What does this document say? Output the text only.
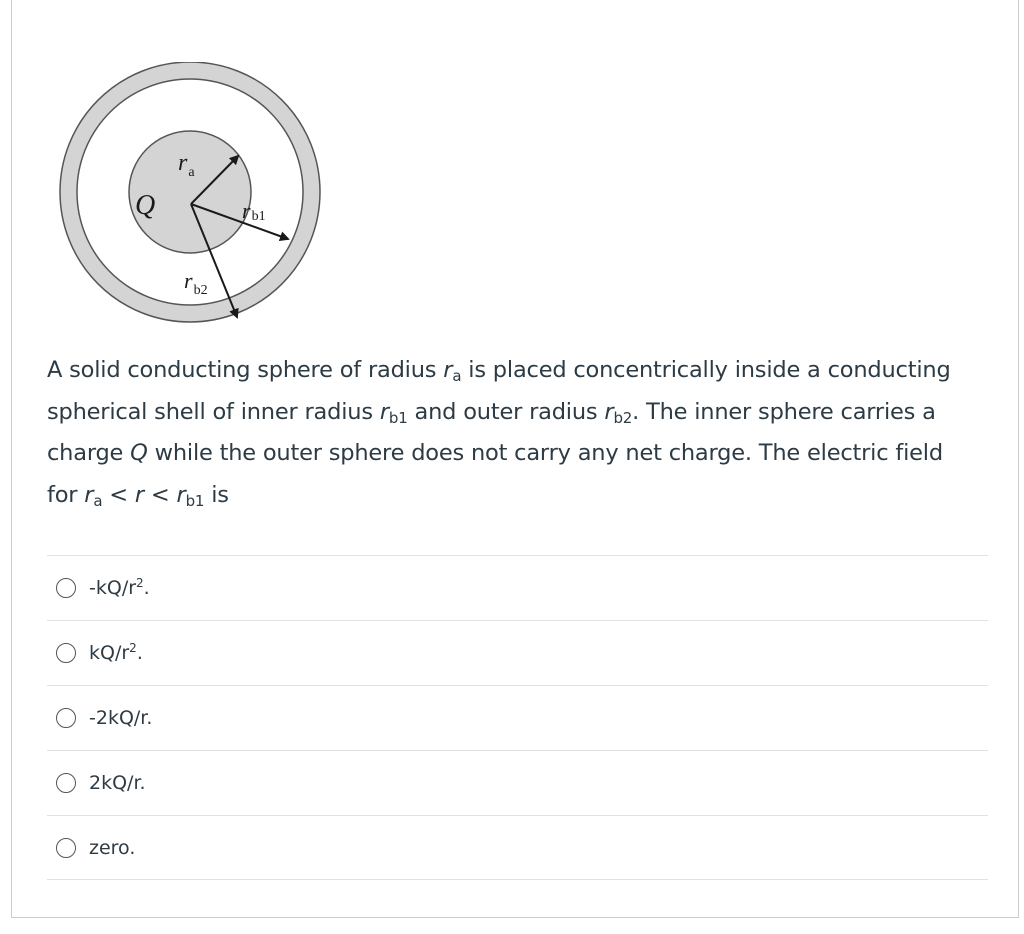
Q
$r_a$
rb1
$r_{b2}$
A solid conducting sphere of radius $r_a$ is placed concentrically inside a conducting spherical shell of inner radius $r_{b1}$ and outer radius $r_{b2}$. The inner sphere carries a charge Q while the outer sphere does not carry any net charge. The electric field for $r_a < r < r_{b1}$ is
$-kQ/r^2$.
$kQ/r^2$.
-2kQ/r.
2kQ/r.
zero.
